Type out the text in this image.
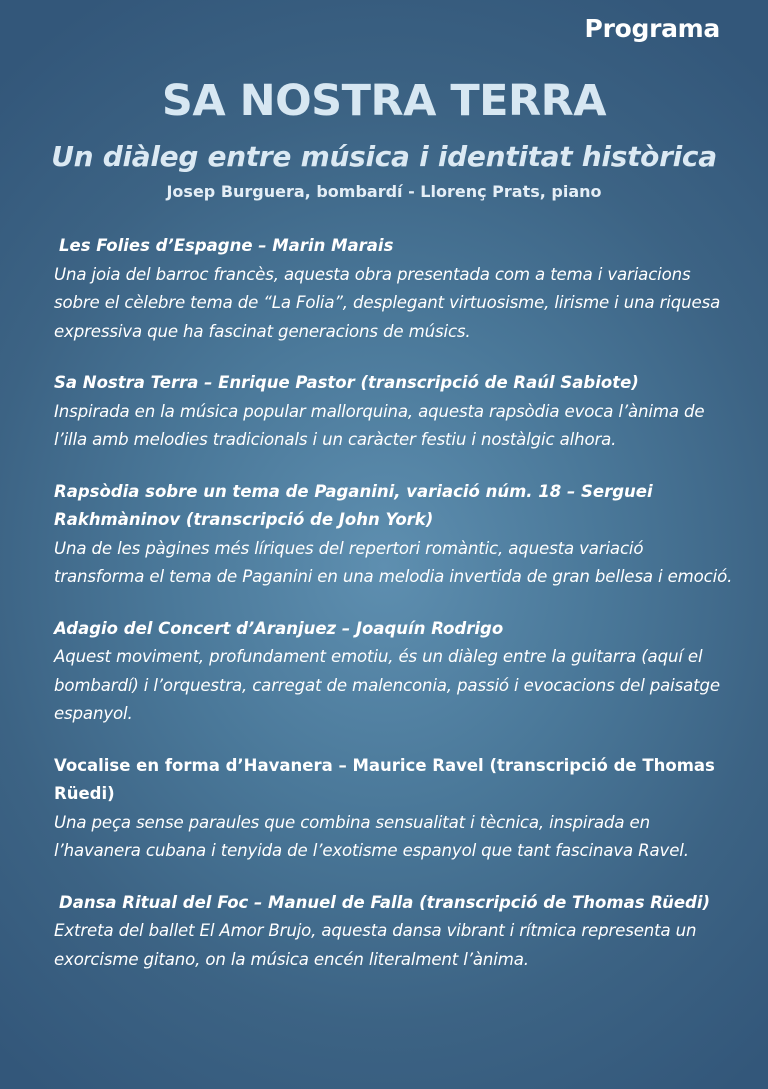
Programa
SA NOSTRA TERRA
Un diàleg entre música i identitat històrica
Josep Burguera, bombardí - Llorenç Prats, piano
Les Folies d’Espagne – Marin Marais
Una joia del barroc francès, aquesta obra presentada com a tema i variacions sobre el cèlebre tema de “La Folia”, desplegant virtuosisme, lirisme i una riquesa expressiva que ha fascinat generacions de músics.
Sa Nostra Terra – Enrique Pastor (transcripció de Raúl Sabiote)
Inspirada en la música popular mallorquina, aquesta rapsòdia evoca l’ànima de l’illa amb melodies tradicionals i un caràcter festiu i nostàlgic alhora.
Rapsòdia sobre un tema de Paganini, variació núm. 18 – Serguei Rakhmàninov (transcripció de John York)
Una de les pàgines més líriques del repertori romàntic, aquesta variació transforma el tema de Paganini en una melodia invertida de gran bellesa i emoció.
Adagio del Concert d’Aranjuez – Joaquín Rodrigo
Aquest moviment, profundament emotiu, és un diàleg entre la guitarra (aquí el bombardí) i l’orquestra, carregat de malenconia, passió i evocacions del paisatge espanyol.
Vocalise en forma d’Havanera – Maurice Ravel (transcripció de Thomas Rüedi)
Una peça sense paraules que combina sensualitat i tècnica, inspirada en l’havanera cubana i tenyida de l’exotisme espanyol que tant fascinava Ravel.
Dansa Ritual del Foc – Manuel de Falla (transcripció de Thomas Rüedi)
Extreta del ballet El Amor Brujo, aquesta dansa vibrant i rítmica representa un exorcisme gitano, on la música encén literalment l’ànima.
